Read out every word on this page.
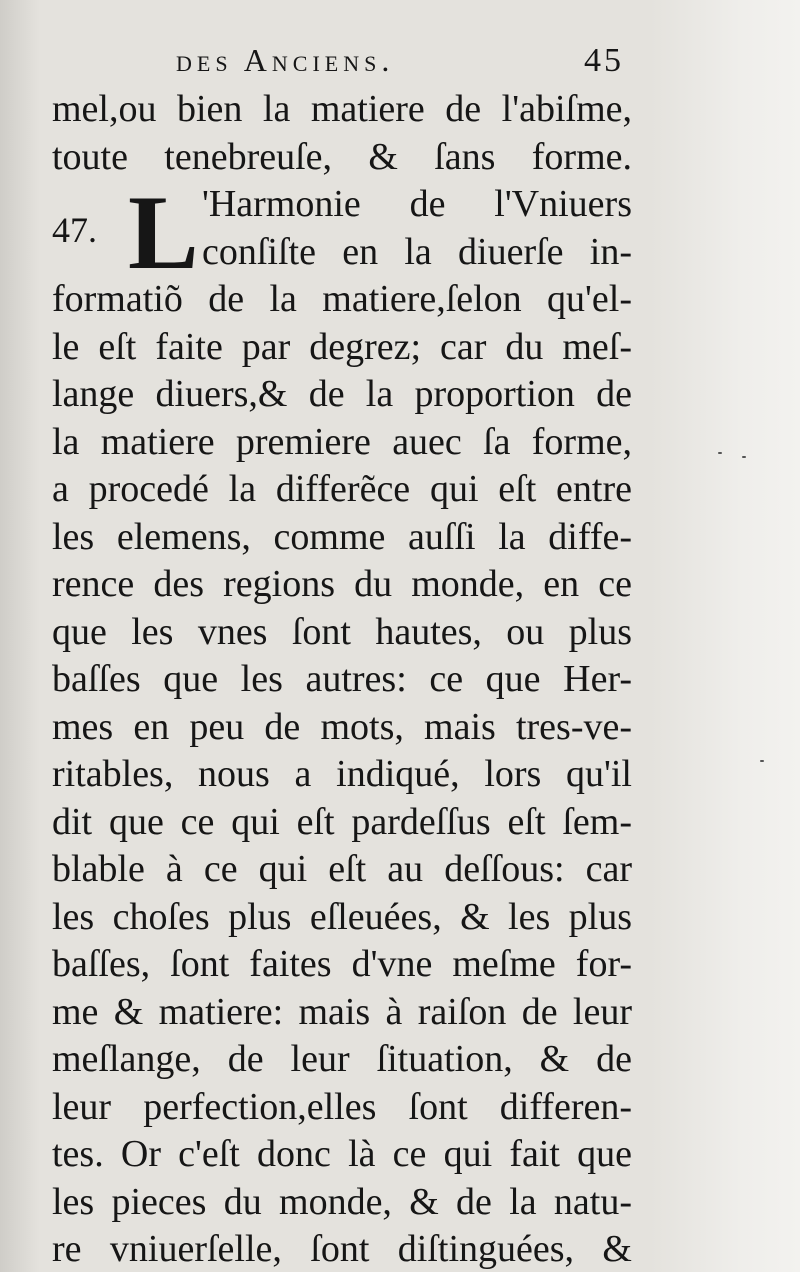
des Anciens.	45
mel,ou bien la matiere de l'abiſme,
toute tenebreuſe, & ſans forme.
47. L 'Harmonie de l'Vniuers
conſiſte en la diuerſe in-
formatiõ de la matiere,ſelon qu'el-
le eſt faite par degrez; car du meſ-
lange diuers,& de la proportion de
la matiere premiere auec ſa forme,
a procedé la differẽce qui eſt entre
les elemens, comme auſſi la diffe-
rence des regions du monde, en ce
que les vnes ſont hautes, ou plus
baſſes que les autres: ce que Her-
mes en peu de mots, mais tres-ve-
ritables, nous a indiqué, lors qu'il
dit que ce qui eſt pardeſſus eſt ſem-
blable à ce qui eſt au deſſous: car
les choſes plus eſleuées, & les plus
baſſes, ſont faites d'vne meſme for-
me & matiere: mais à raiſon de leur
meſlange, de leur ſituation, & de
leur perfection,elles ſont differen-
tes. Or c'eſt donc là ce qui fait que
les pieces du monde, & de la natu-
re vniuerſelle, ſont diſtinguées, &
